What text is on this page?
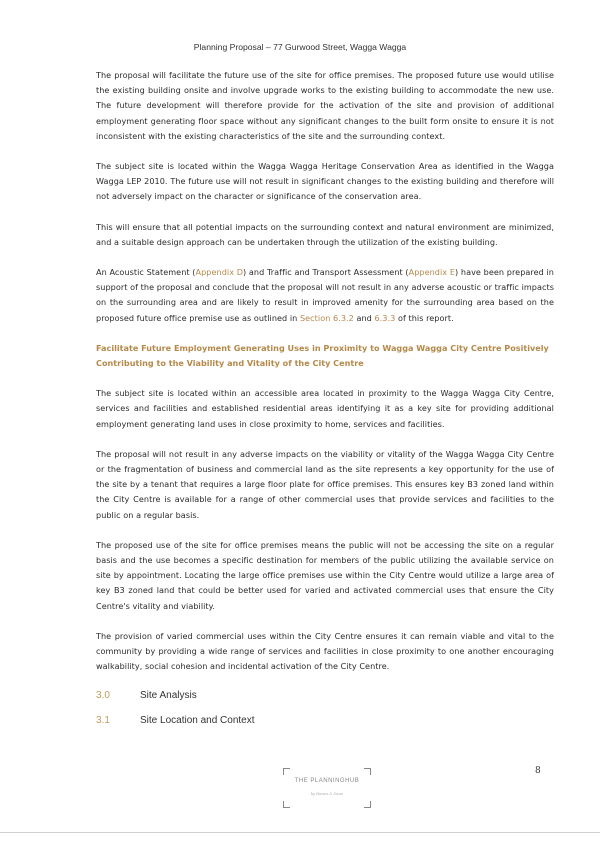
Planning Proposal – 77 Gurwood Street, Wagga Wagga

The proposal will facilitate the future use of the site for office premises. The proposed future use would utilise the existing building onsite and involve upgrade works to the existing building to accommodate the new use. The future development will therefore provide for the activation of the site and provision of additional employment generating floor space without any significant changes to the built form onsite to ensure it is not inconsistent with the existing characteristics of the site and the surrounding context.

The subject site is located within the Wagga Wagga Heritage Conservation Area as identified in the Wagga Wagga LEP 2010. The future use will not result in significant changes to the existing building and therefore will not adversely impact on the character or significance of the conservation area.

This will ensure that all potential impacts on the surrounding context and natural environment are minimized, and a suitable design approach can be undertaken through the utilization of the existing building.

An Acoustic Statement (Appendix D) and Traffic and Transport Assessment (Appendix E) have been prepared in support of the proposal and conclude that the proposal will not result in any adverse acoustic or traffic impacts on the surrounding area and are likely to result in improved amenity for the surrounding area based on the proposed future office premise use as outlined in Section 6.3.2 and 6.3.3 of this report.

Facilitate Future Employment Generating Uses in Proximity to Wagga Wagga City Centre Positively Contributing to the Viability and Vitality of the City Centre

The subject site is located within an accessible area located in proximity to the Wagga Wagga City Centre, services and facilities and established residential areas identifying it as a key site for providing additional employment generating land uses in close proximity to home, services and facilities.

The proposal will not result in any adverse impacts on the viability or vitality of the Wagga Wagga City Centre or the fragmentation of business and commercial land as the site represents a key opportunity for the use of the site by a tenant that requires a large floor plate for office premises. This ensures key B3 zoned land within the City Centre is available for a range of other commercial uses that provide services and facilities to the public on a regular basis.

The proposed use of the site for office premises means the public will not be accessing the site on a regular basis and the use becomes a specific destination for members of the public utilizing the available service on site by appointment. Locating the large office premises use within the City Centre would utilize a large area of key B3 zoned land that could be better used for varied and activated commercial uses that ensure the City Centre's vitality and viability.

The provision of varied commercial uses within the City Centre ensures it can remain viable and vital to the community by providing a wide range of services and facilities in close proximity to one another encouraging walkability, social cohesion and incidental activation of the City Centre.

3.0	Site Analysis
3.1	Site Location and Context
THE PLANNINGHUB
by Hawes & Swan
8
